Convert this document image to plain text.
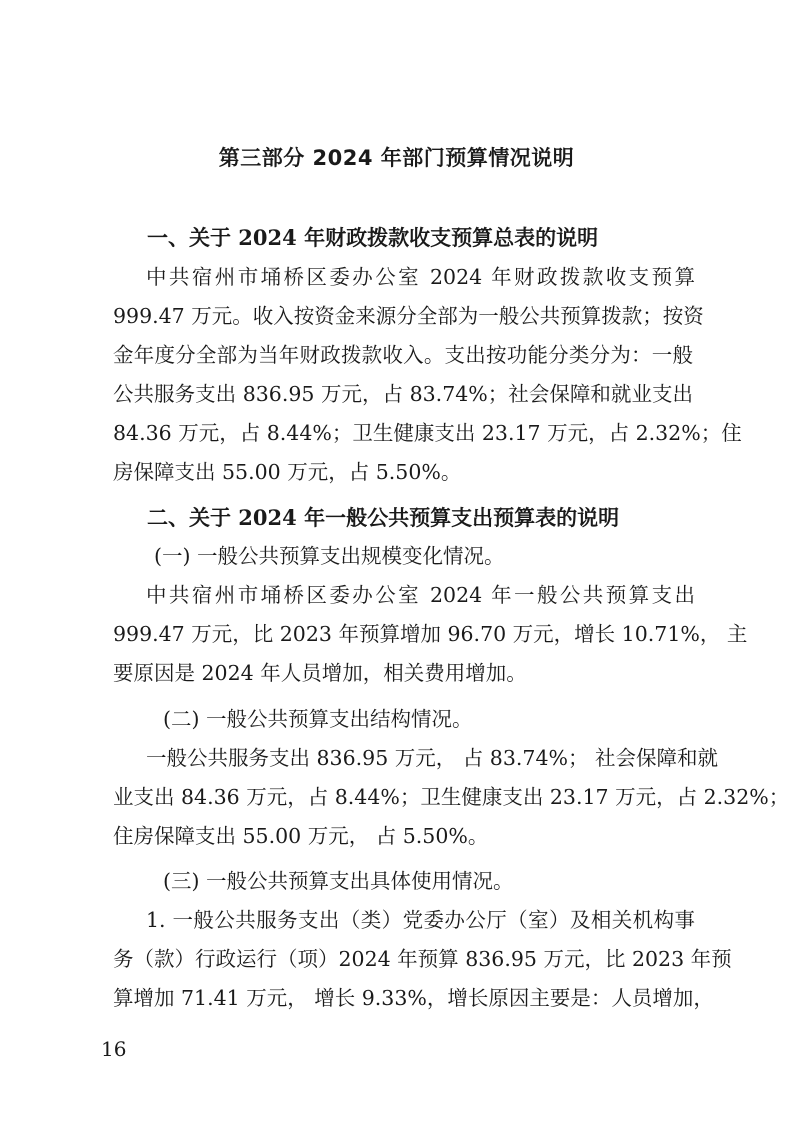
第三部分 2024 年部门预算情况说明
一、关于 2024 年财政拨款收支预算总表的说明
中共宿州市埇桥区委办公室 2024 年财政拨款收支预算
999.47 万元。收入按资金来源分全部为一般公共预算拨款；按资
金年度分全部为当年财政拨款收入。支出按功能分类分为：一般
公共服务支出 836.95 万元，占 83.74%；社会保障和就业支出
84.36 万元，占 8.44%；卫生健康支出 23.17 万元，占 2.32%；住
房保障支出 55.00 万元，占 5.50%。
二、关于 2024 年一般公共预算支出预算表的说明
(一) 一般公共预算支出规模变化情况。
中共宿州市埇桥区委办公室 2024 年一般公共预算支出
999.47 万元，比 2023 年预算增加 96.70 万元，增长 10.71%， 主
要原因是 2024 年人员增加，相关费用增加。
(二) 一般公共预算支出结构情况。
一般公共服务支出 836.95 万元， 占 83.74%； 社会保障和就
业支出 84.36 万元，占 8.44%；卫生健康支出 23.17 万元，占 2.32%；
住房保障支出 55.00 万元， 占 5.50%。
(三) 一般公共预算支出具体使用情况。
1. 一般公共服务支出（类）党委办公厅（室）及相关机构事
务（款）行政运行（项）2024 年预算 836.95 万元，比 2023 年预
算增加 71.41 万元， 增长 9.33%，增长原因主要是：人员增加，
16
